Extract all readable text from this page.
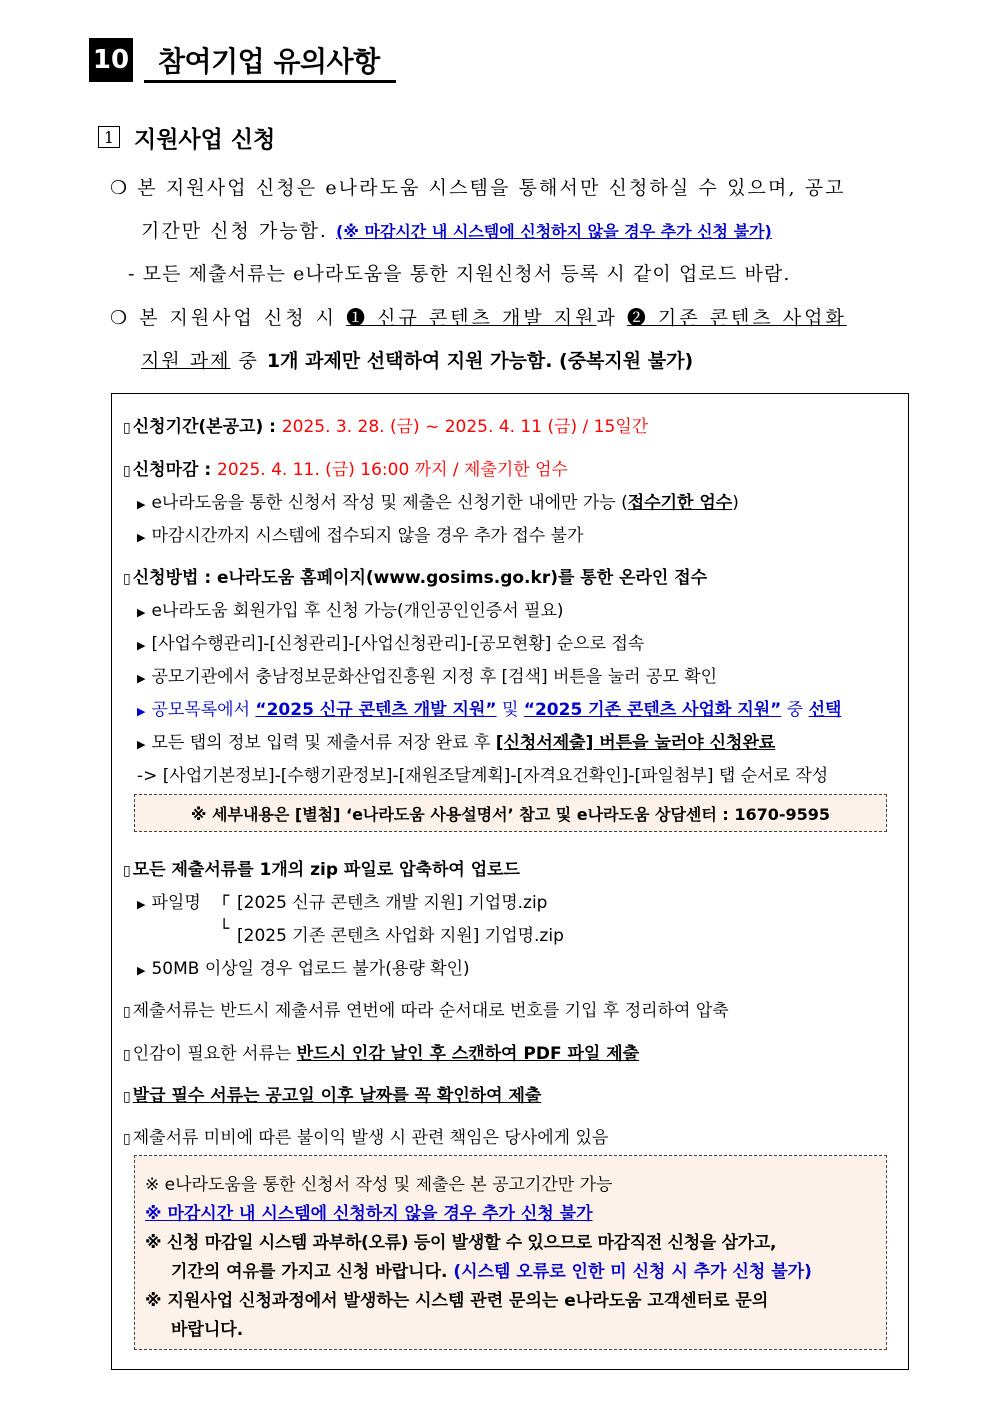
10 참여기업 유의사항
1 지원사업 신청
❍ 본 지원사업 신청은 e나라도움 시스템을 통해서만 신청하실 수 있으며, 공고
기간만 신청 가능함. (※ 마감시간 내 시스템에 신청하지 않을 경우 추가 신청 불가)
- 모든 제출서류는 e나라도움을 통한 지원신청서 등록 시 같이 업로드 바람.
❍ 본 지원사업 신청 시 ❶ 신규 콘텐츠 개발 지원과 ❷ 기존 콘텐츠 사업화
지원 과제 중 1개 과제만 선택하여 지원 가능함. (중복지원 불가)
▯ 신청기간(본공고) : 2025. 3. 28. (금) ~ 2025. 4. 11 (금) / 15일간
▯ 신청마감 : 2025. 4. 11. (금) 16:00 까지 / 제출기한 엄수
▶ e나라도움을 통한 신청서 작성 및 제출은 신청기한 내에만 가능 (접수기한 엄수)
▶ 마감시간까지 시스템에 접수되지 않을 경우 추가 접수 불가
▯ 신청방법 : e나라도움 홈페이지(www.gosims.go.kr)를 통한 온라인 접수
▶ e나라도움 회원가입 후 신청 가능(개인공인인증서 필요)
▶ [사업수행관리]-[신청관리]-[사업신청관리]-[공모현황] 순으로 접속
▶ 공모기관에서 충남정보문화산업진흥원 지정 후 [검색] 버튼을 눌러 공모 확인
▶ 공모목록에서 “2025 신규 콘텐츠 개발 지원” 및 “2025 기존 콘텐츠 사업화 지원” 중 선택
▶ 모든 탭의 정보 입력 및 제출서류 저장 완료 후 [신청서제출] 버튼을 눌러야 신청완료
-> [사업기본정보]-[수행기관정보]-[재원조달계획]-[자격요건확인]-[파일첨부] 탭 순서로 작성
※ 세부내용은 [별첨] ‘e나라도움 사용설명서’ 참고 및 e나라도움 상담센터 : 1670-9595
▯ 모든 제출서류를 1개의 zip 파일로 압축하여 업로드
▶ 파일명 ┌ [2025 신규 콘텐츠 개발 지원] 기업명.zip
└ [2025 기존 콘텐츠 사업화 지원] 기업명.zip
▶ 50MB 이상일 경우 업로드 불가(용량 확인)
▯ 제출서류는 반드시 제출서류 연번에 따라 순서대로 번호를 기입 후 정리하여 압축
▯ 인감이 필요한 서류는 반드시 인감 날인 후 스캔하여 PDF 파일 제출
▯ 발급 필수 서류는 공고일 이후 날짜를 꼭 확인하여 제출
▯ 제출서류 미비에 따른 불이익 발생 시 관련 책임은 당사에게 있음
※ e나라도움을 통한 신청서 작성 및 제출은 본 공고기간만 가능
※ 마감시간 내 시스템에 신청하지 않을 경우 추가 신청 불가
※ 신청 마감일 시스템 과부하(오류) 등이 발생할 수 있으므로 마감직전 신청을 삼가고,
기간의 여유를 가지고 신청 바랍니다. (시스템 오류로 인한 미 신청 시 추가 신청 불가)
※ 지원사업 신청과정에서 발생하는 시스템 관련 문의는 e나라도움 고객센터로 문의
바랍니다.
